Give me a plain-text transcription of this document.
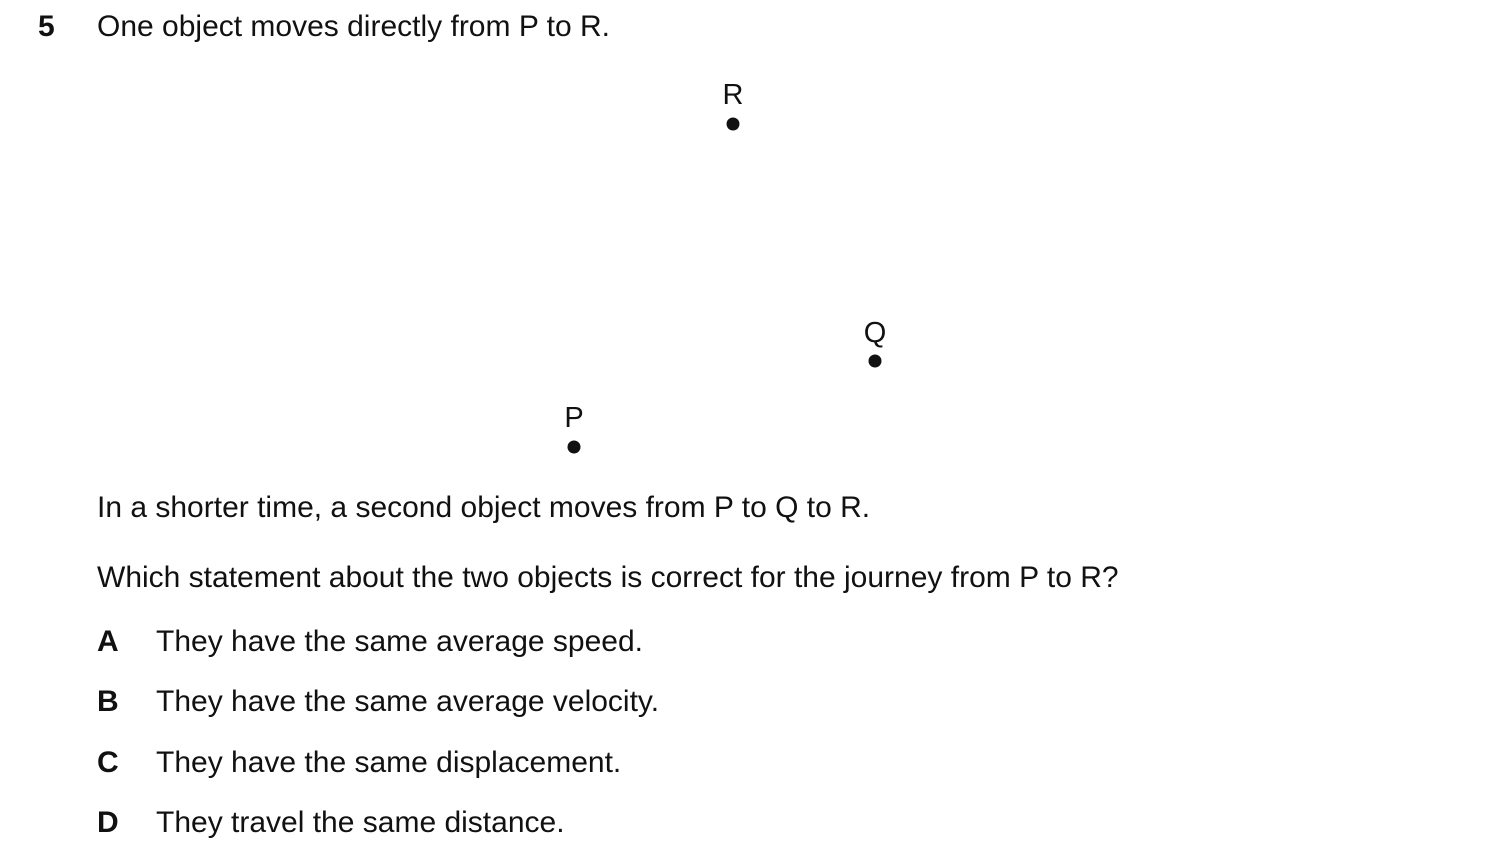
5 One object moves directly from P to R.
R
Q
P
In a shorter time, a second object moves from P to Q to R.
Which statement about the two objects is correct for the journey from P to R?
A They have the same average speed.
B They have the same average velocity.
C They have the same displacement.
D They travel the same distance.
